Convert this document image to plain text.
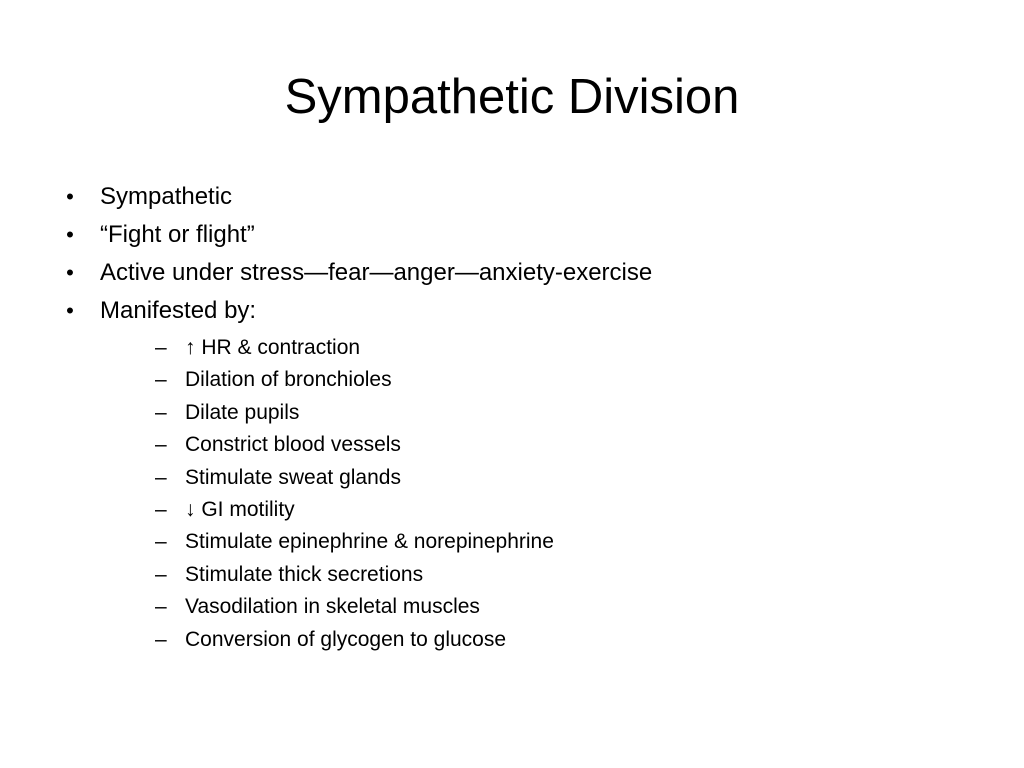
Sympathetic Division
• Sympathetic
• “Fight or flight”
• Active under stress—fear—anger—anxiety-exercise
• Manifested by:
– ↑ HR & contraction
– Dilation of bronchioles
– Dilate pupils
– Constrict blood vessels
– Stimulate sweat glands
– ↓ GI motility
– Stimulate epinephrine & norepinephrine
– Stimulate thick secretions
– Vasodilation in skeletal muscles
– Conversion of glycogen to glucose
